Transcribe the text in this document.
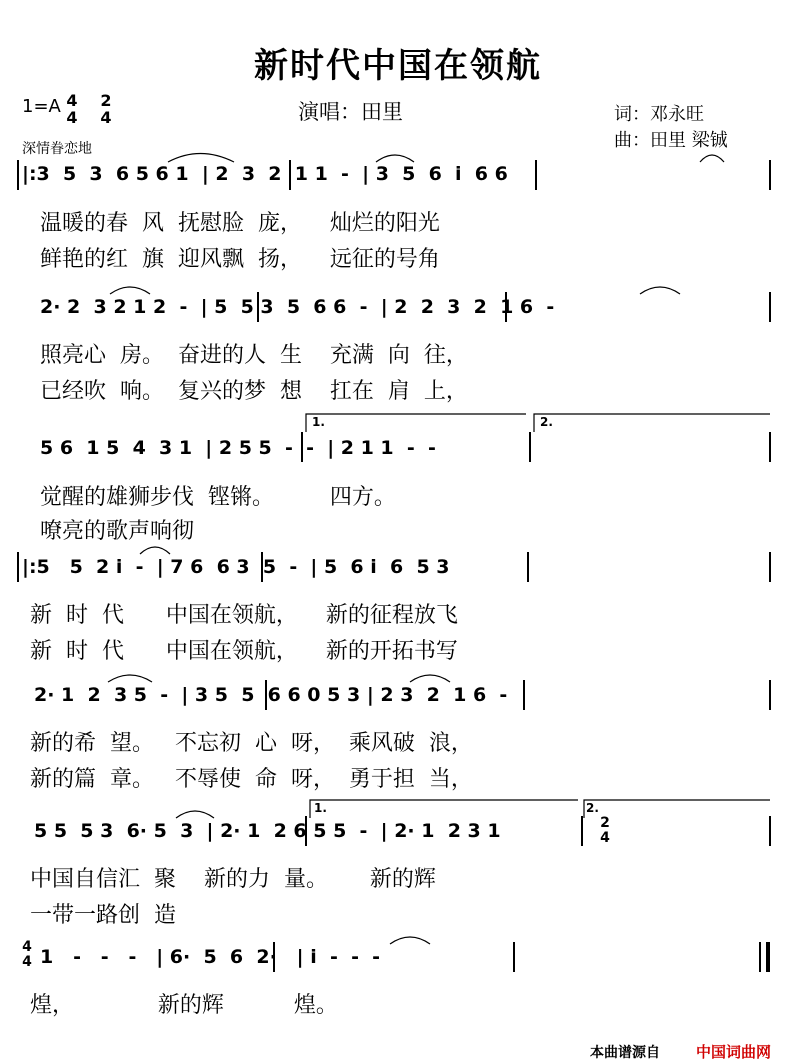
新时代中国在领航
1=A 4
4
2
4
深情眷恋地
演唱：田里	词：邓永旺
曲：田里 梁铖
|:3  5  3  6 5 6 1  | 2  3  2  1 1  -  | 3  5  6  i  6 6
温暖的春  风  抚慰脸  庞，    灿烂的阳光
鲜艳的红  旗  迎风飘  扬，    远征的号角
2· 2  3 2 1 2  -  | 5  5 3  5  6 6  -  | 2  2  3  2  1 6  -
照亮心  房。  奋进的人  生    充满  向  往，
已经吹  响。  复兴的梦  想    扛在  肩  上，
1.	2.
5 6  1 5  4  3 1  | 2 5 5  -  -  | 2 1 1  -  -
觉醒的雄狮步伐  铿锵。        四方。
嘹亮的歌声响彻
|:5   5  2 i  -  | 7 6  6 3  5  -  | 5  6 i  6  5 3
新  时  代      中国在领航，    新的征程放飞
新  时  代      中国在领航，    新的开拓书写
2· 1  2  3 5  -  | 3 5  5  6 6 0 5 3 | 2 3  2  1 6  -
新的希  望。   不忘初  心  呀，  乘风破  浪，
新的篇  章。   不辱使  命  呀，  勇于担  当，
1.	2.
2
4
5 5  5 3  6· 5  3  | 2· 1  2 6 5 5  -  | 2· 1  2 3 1
中国自信汇  聚    新的力  量。      新的辉
一带一路创  造
4
4 1   -   -   -   | 6·  5  6  2·   | i  -  -  -
煌，            新的辉          煌。
本曲谱源自 中国词曲网
